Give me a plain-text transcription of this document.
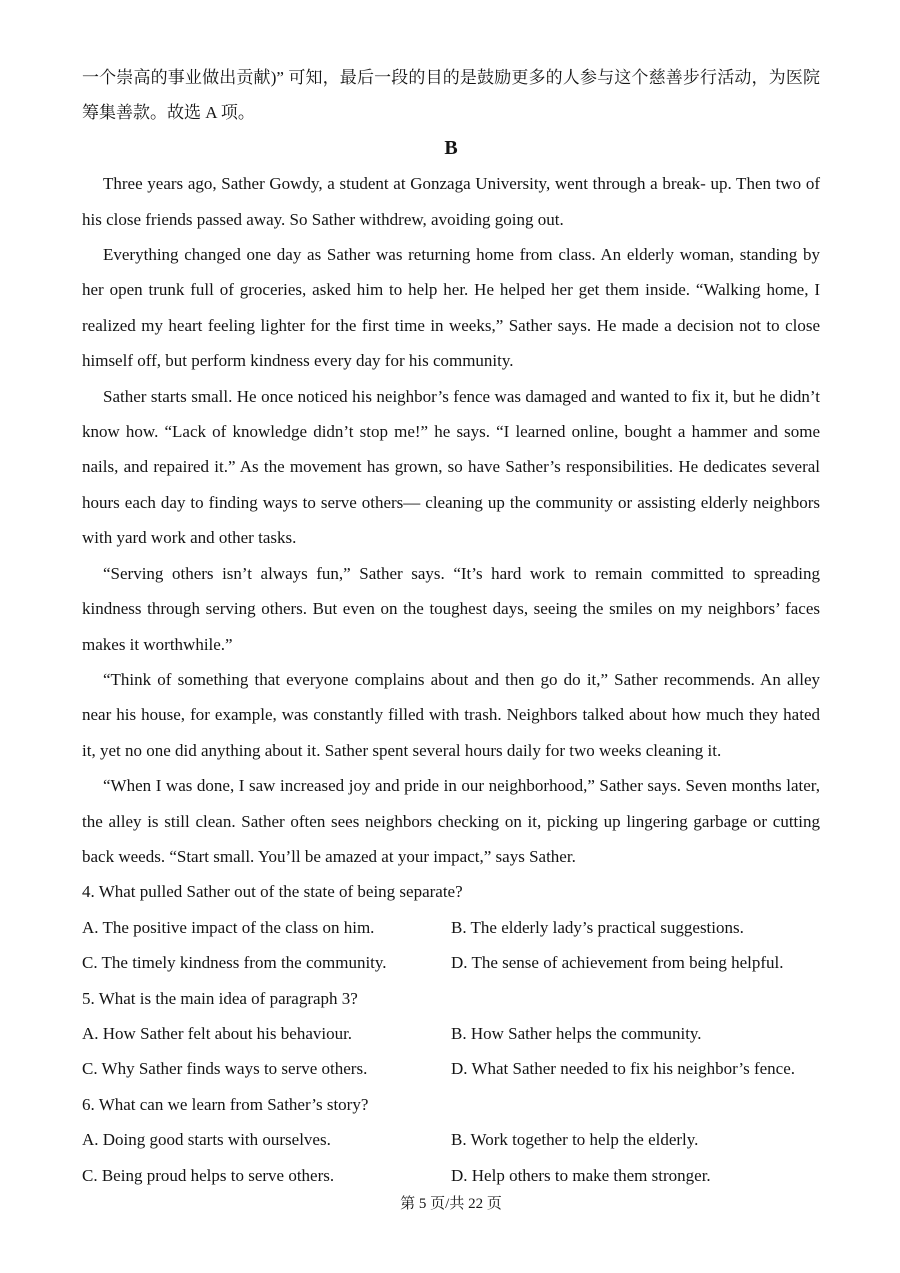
一个崇高的事业做出贡献)” 可知，最后一段的目的是鼓励更多的人参与这个慈善步行活动，为医院筹集善款。故选 A 项。

B

Three years ago, Sather Gowdy, a student at Gonzaga University, went through a break- up. Then two of his close friends passed away. So Sather withdrew, avoiding going out.

Everything changed one day as Sather was returning home from class. An elderly woman, standing by her open trunk full of groceries, asked him to help her. He helped her get them inside. “Walking home, I realized my heart feeling lighter for the first time in weeks,” Sather says. He made a decision not to close himself off, but perform kindness every day for his community.

Sather starts small. He once noticed his neighbor’s fence was damaged and wanted to fix it, but he didn’t know how. “Lack of knowledge didn’t stop me!” he says. “I learned online, bought a hammer and some nails, and repaired it.” As the movement has grown, so have Sather’s responsibilities. He dedicates several hours each day to finding ways to serve others— cleaning up the community or assisting elderly neighbors with yard work and other tasks.

“Serving others isn’t always fun,” Sather says. “It’s hard work to remain committed to spreading kindness through serving others. But even on the toughest days, seeing the smiles on my neighbors’ faces makes it worthwhile.”

“Think of something that everyone complains about and then go do it,” Sather recommends. An alley near his house, for example, was constantly filled with trash. Neighbors talked about how much they hated it, yet no one did anything about it. Sather spent several hours daily for two weeks cleaning it.

“When I was done, I saw increased joy and pride in our neighborhood,” Sather says. Seven months later, the alley is still clean. Sather often sees neighbors checking on it, picking up lingering garbage or cutting back weeds. “Start small. You’ll be amazed at your impact,” says Sather.

4. What pulled Sather out of the state of being separate?

A. The positive impact of the class on him.	B. The elderly lady’s practical suggestions.
C. The timely kindness from the community.	D. The sense of achievement from being helpful.

5. What is the main idea of paragraph 3?

A. How Sather felt about his behaviour.	B. How Sather helps the community.
C. Why Sather finds ways to serve others.	D. What Sather needed to fix his neighbor’s fence.

6. What can we learn from Sather’s story?

A. Doing good starts with ourselves.	B. Work together to help the elderly.
C. Being proud helps to serve others.	D. Help others to make them stronger.
第 5 页/共 22 页
